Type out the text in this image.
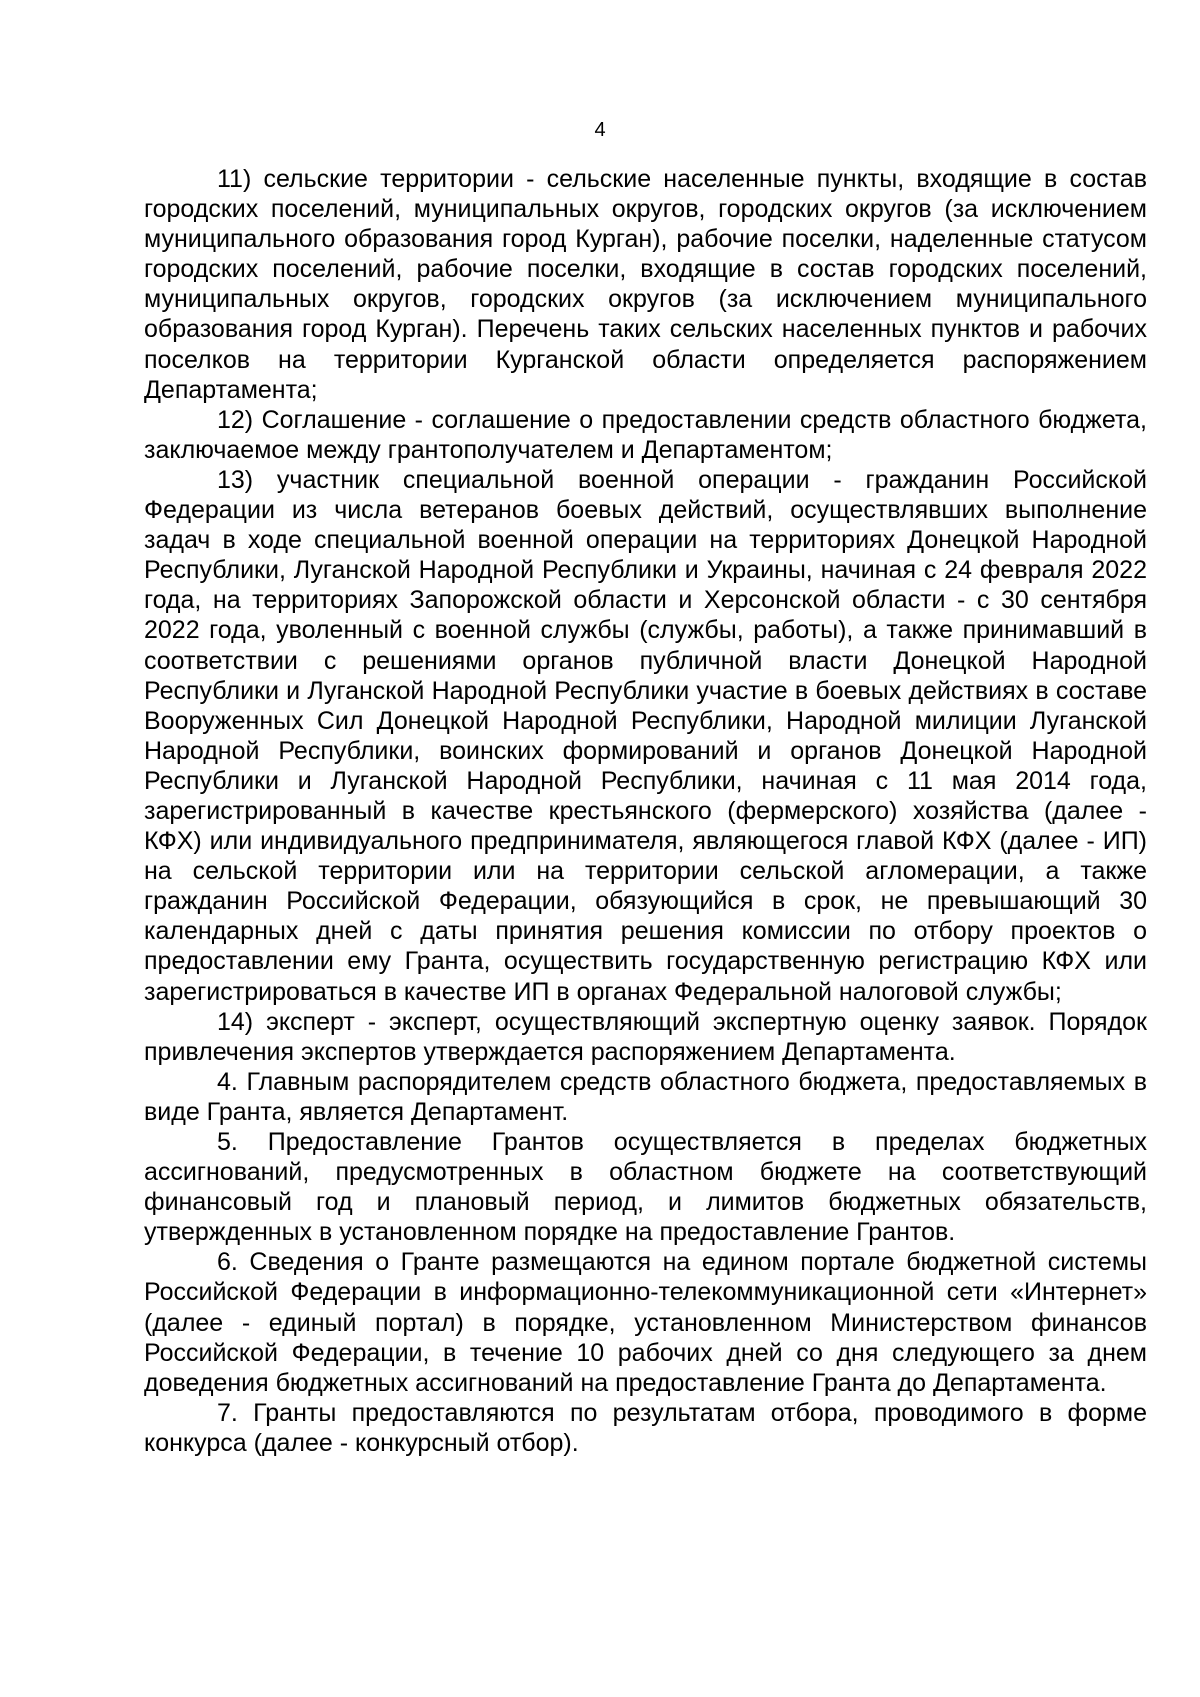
4

11) сельские территории - сельские населенные пункты, входящие в состав городских поселений, муниципальных округов, городских округов (за исключением муниципального образования город Курган), рабочие поселки, наделенные статусом городских поселений, рабочие поселки, входящие в состав городских поселений, муниципальных округов, городских округов (за исключением муниципального образования город Курган). Перечень таких сельских населенных пунктов и рабочих поселков на территории Курганской области определяется распоряжением Департамента;

12) Соглашение - соглашение о предоставлении средств областного бюджета, заключаемое между грантополучателем и Департаментом;

13) участник специальной военной операции - гражданин Российской Федерации из числа ветеранов боевых действий, осуществлявших выполнение задач в ходе специальной военной операции на территориях Донецкой Народной Республики, Луганской Народной Республики и Украины, начиная с 24 февраля 2022 года, на территориях Запорожской области и Херсонской области - с 30 сентября 2022 года, уволенный с военной службы (службы, работы), а также принимавший в соответствии с решениями органов публичной власти Донецкой Народной Республики и Луганской Народной Республики участие в боевых действиях в составе Вооруженных Сил Донецкой Народной Республики, Народной милиции Луганской Народной Республики, воинских формирований и органов Донецкой Народной Республики и Луганской Народной Республики, начиная с 11 мая 2014 года, зарегистрированный в качестве крестьянского (фермерского) хозяйства (далее - КФХ) или индивидуального предпринимателя, являющегося главой КФХ (далее - ИП) на сельской территории или на территории сельской агломерации, а также гражданин Российской Федерации, обязующийся в срок, не превышающий 30 календарных дней с даты принятия решения комиссии по отбору проектов о предоставлении ему Гранта, осуществить государственную регистрацию КФХ или зарегистрироваться в качестве ИП в органах Федеральной налоговой службы;

14) эксперт - эксперт, осуществляющий экспертную оценку заявок. Порядок привлечения экспертов утверждается распоряжением Департамента.

4. Главным распорядителем средств областного бюджета, предоставляемых в виде Гранта, является Департамент.

5. Предоставление Грантов осуществляется в пределах бюджетных ассигнований, предусмотренных в областном бюджете на соответствующий финансовый год и плановый период, и лимитов бюджетных обязательств, утвержденных в установленном порядке на предоставление Грантов.

6. Сведения о Гранте размещаются на едином портале бюджетной системы Российской Федерации в информационно-телекоммуникационной сети «Интернет» (далее - единый портал) в порядке, установленном Министерством финансов Российской Федерации, в течение 10 рабочих дней со дня следующего за днем доведения бюджетных ассигнований на предоставление Гранта до Департамента.

7. Гранты предоставляются по результатам отбора, проводимого в форме конкурса (далее - конкурсный отбор).
